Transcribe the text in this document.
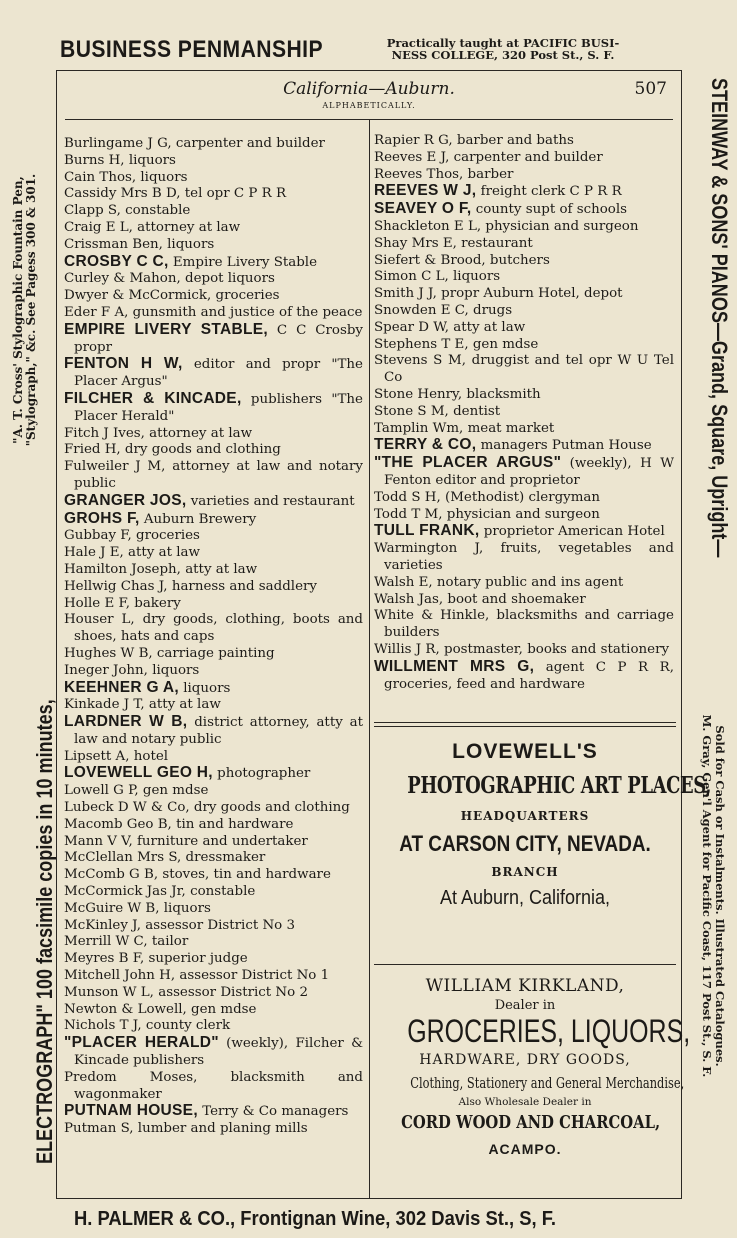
BUSINESS PENMANSHIP	Practically taught at PACIFIC BUSI-
NESS COLLEGE, 320 Post St., S. F.
ELECTROGRAPH" 100 facsimile copies in 10 minutes,
"A. T. Cross' Stylographic Fountain Pen, "Stylograph," &c. See Pagess 300 & 301.	STEINWAY & SONS' PIANOS—Grand, Square, Upright—
Sold for Cash or Instalments. Illustrated Catalogues.
M. Gray, Gen'l Agent for Pacific Coast, 117 Post St., S. F.
California—Auburn.	507
ALPHABETICALLY.
Burlingame J G, carpenter and builder
Burns H, liquors
Cain Thos, liquors
Cassidy Mrs B D, tel opr C P R R
Clapp S, constable
Craig E L, attorney at law
Crissman Ben, liquors
CROSBY C C, Empire Livery Stable
Curley & Mahon, depot liquors
Dwyer & McCormick, groceries
Eder F A, gunsmith and justice of the peace
EMPIRE LIVERY STABLE, C C Crosby propr
FENTON H W, editor and propr "The Placer Argus"
FILCHER & KINCADE, publishers "The Placer Herald"
Fitch J Ives, attorney at law
Fried H, dry goods and clothing
Fulweiler J M, attorney at law and notary public
GRANGER JOS, varieties and restaurant
GROHS F, Auburn Brewery
Gubbay F, groceries
Hale J E, atty at law
Hamilton Joseph, atty at law
Hellwig Chas J, harness and saddlery
Holle E F, bakery
Houser L, dry goods, clothing, boots and shoes, hats and caps
Hughes W B, carriage painting
Ineger John, liquors
KEEHNER G A, liquors
Kinkade J T, atty at law
LARDNER W B, district attorney, atty at law and notary public
Lipsett A, hotel
LOVEWELL GEO H, photographer
Lowell G P, gen mdse
Lubeck D W & Co, dry goods and clothing
Macomb Geo B, tin and hardware
Mann V V, furniture and undertaker
McClellan Mrs S, dressmaker
McComb G B, stoves, tin and hardware
McCormick Jas Jr, constable
McGuire W B, liquors
McKinley J, assessor District No 3
Merrill W C, tailor
Meyres B F, superior judge
Mitchell John H, assessor District No 1
Munson W L, assessor District No 2
Newton & Lowell, gen mdse
Nichols T J, county clerk
"PLACER HERALD" (weekly), Filcher & Kincade publishers
Predom Moses, blacksmith and wagonmaker
PUTNAM HOUSE, Terry & Co managers
Putman S, lumber and planing mills
Rapier R G, barber and baths
Reeves E J, carpenter and builder
Reeves Thos, barber
REEVES W J, freight clerk C P R R
SEAVEY O F, county supt of schools
Shackleton E L, physician and surgeon
Shay Mrs E, restaurant
Siefert & Brood, butchers
Simon C L, liquors
Smith J J, propr Auburn Hotel, depot
Snowden E C, drugs
Spear D W, atty at law
Stephens T E, gen mdse
Stevens S M, druggist and tel opr W U Tel Co
Stone Henry, blacksmith
Stone S M, dentist
Tamplin Wm, meat market
TERRY & CO, managers Putman House
"THE PLACER ARGUS" (weekly), H W Fenton editor and proprietor
Todd S H, (Methodist) clergyman
Todd T M, physician and surgeon
TULL FRANK, proprietor American Hotel
Warmington J, fruits, vegetables and varieties
Walsh E, notary public and ins agent
Walsh Jas, boot and shoemaker
White & Hinkle, blacksmiths and carriage builders
Willis J R, postmaster, books and stationery
WILLMENT MRS G, agent C P R R, groceries, feed and hardware
LOVEWELL'S
PHOTOGRAPHIC ART PLACES,
HEADQUARTERS
AT CARSON CITY, NEVADA.
BRANCH
At Auburn, California,
WILLIAM KIRKLAND,
Dealer in
GROCERIES, LIQUORS,
HARDWARE, DRY GOODS,
Clothing, Stationery and General Merchandise,
Also Wholesale Dealer in
CORD WOOD AND CHARCOAL,
ACAMPO.
H. PALMER & CO., Frontignan Wine, 302 Davis St., S, F.
